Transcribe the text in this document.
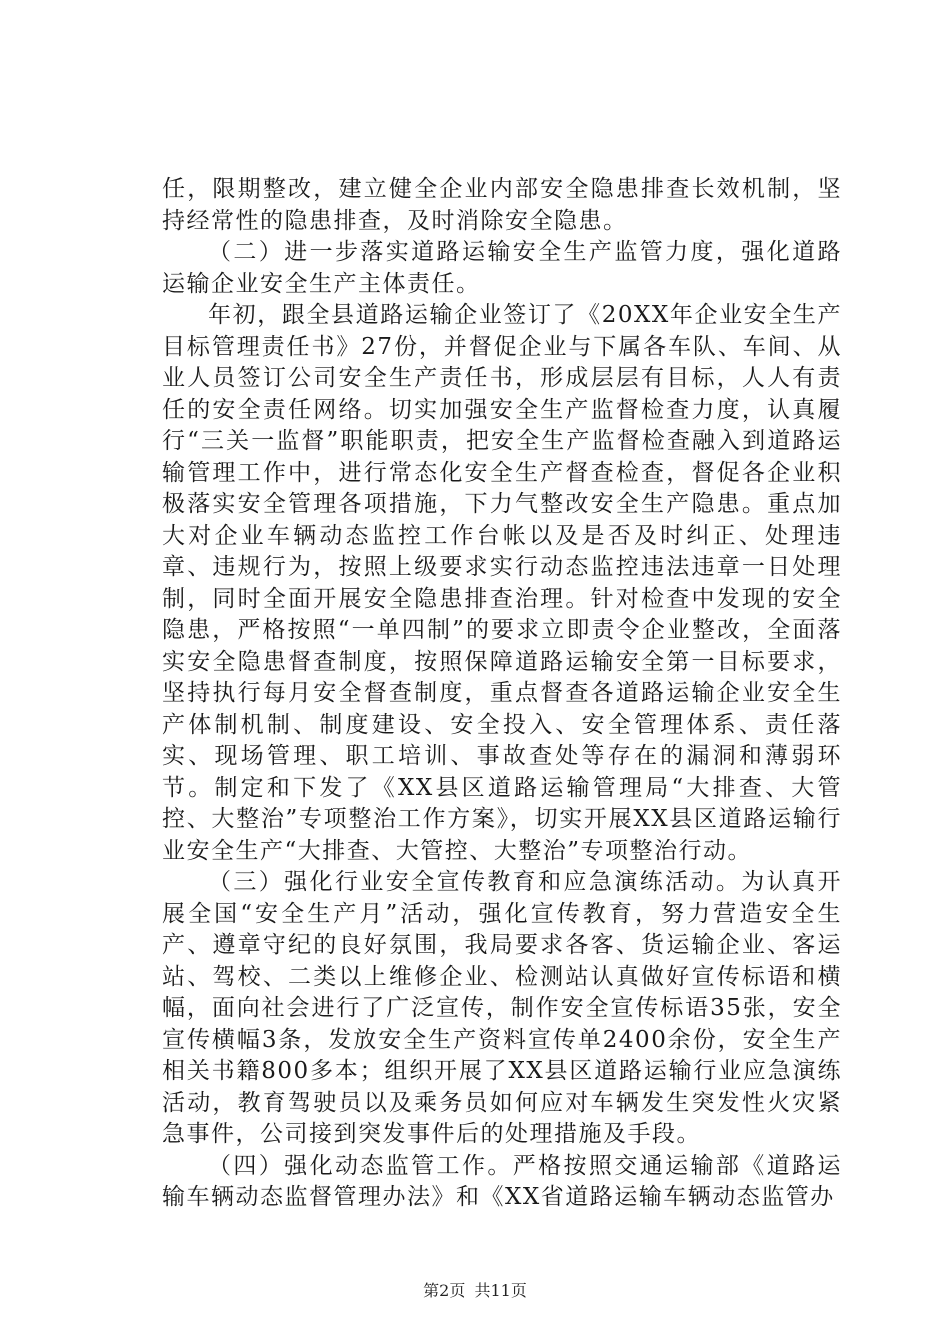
任，限期整改，建立健全企业内部安全隐患排查长效机制，坚持经常性的隐患排查，及时消除安全隐患。

（二）进一步落实道路运输安全生产监管力度，强化道路运输企业安全生产主体责任。

年初，跟全县道路运输企业签订了《20XX年企业安全生产目标管理责任书》27份，并督促企业与下属各车队、车间、从业人员签订公司安全生产责任书，形成层层有目标，人人有责任的安全责任网络。切实加强安全生产监督检查力度，认真履行“三关一监督”职能职责，把安全生产监督检查融入到道路运输管理工作中，进行常态化安全生产督查检查，督促各企业积极落实安全管理各项措施，下力气整改安全生产隐患。重点加大对企业车辆动态监控工作台帐以及是否及时纠正、处理违章、违规行为，按照上级要求实行动态监控违法违章一日处理制，同时全面开展安全隐患排查治理。针对检查中发现的安全隐患，严格按照“一单四制”的要求立即责令企业整改，全面落实安全隐患督查制度，按照保障道路运输安全第一目标要求，坚持执行每月安全督查制度，重点督查各道路运输企业安全生产体制机制、制度建设、安全投入、安全管理体系、责任落实、现场管理、职工培训、事故查处等存在的漏洞和薄弱环节。制定和下发了《XX县区道路运输管理局“大排查、大管控、大整治”专项整治工作方案》，切实开展XX县区道路运输行业安全生产“大排查、大管控、大整治”专项整治行动。

（三）强化行业安全宣传教育和应急演练活动。为认真开展全国“安全生产月”活动，强化宣传教育，努力营造安全生产、遵章守纪的良好氛围，我局要求各客、货运输企业、客运站、驾校、二类以上维修企业、检测站认真做好宣传标语和横幅，面向社会进行了广泛宣传，制作安全宣传标语35张，安全宣传横幅3条，发放安全生产资料宣传单2400余份，安全生产相关书籍800多本；组织开展了XX县区道路运输行业应急演练活动，教育驾驶员以及乘务员如何应对车辆发生突发性火灾紧急事件，公司接到突发事件后的处理措施及手段。

（四）强化动态监管工作。严格按照交通运输部《道路运输车辆动态监督管理办法》和《XX省道路运输车辆动态监管办

第2页 共11页
